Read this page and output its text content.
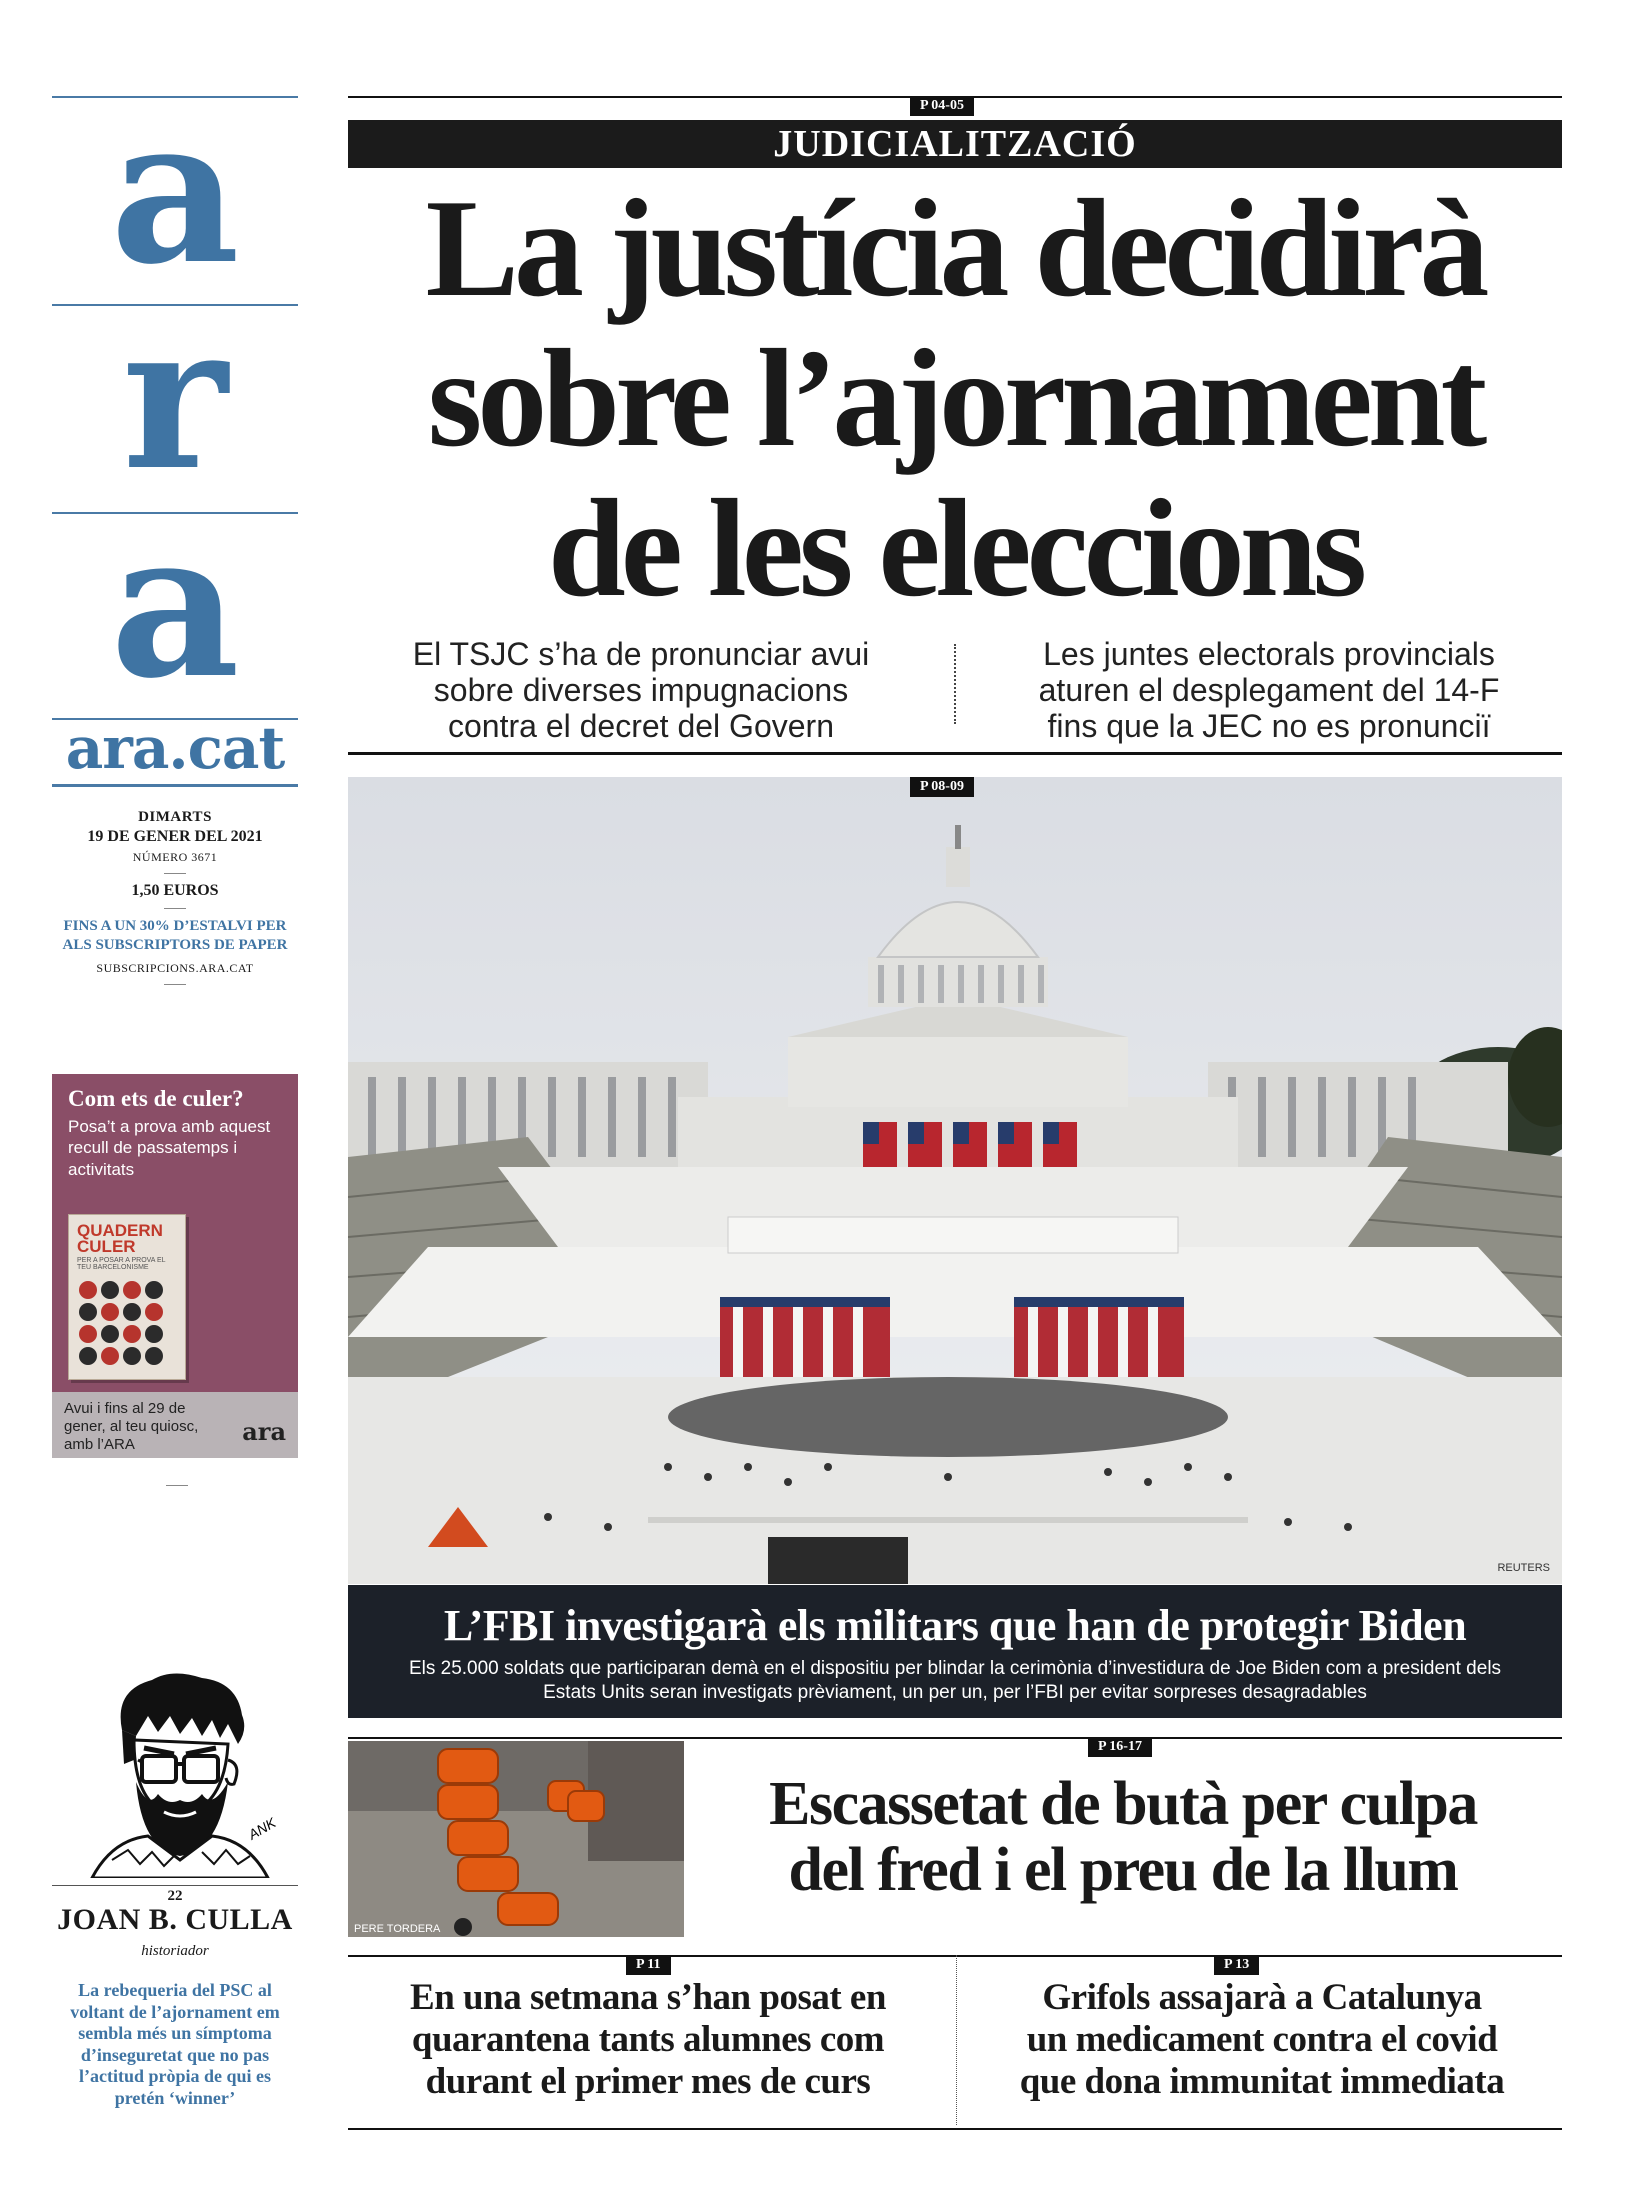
a
r
a
ara.cat
DIMARTS
19 DE GENER DEL 2021
NÚMERO 3671
1,50 EUROS
FINS A UN 30% D’ESTALVI PER ALS SUBSCRIPTORS DE PAPER
SUBSCRIPCIONS.ARA.CAT
Com ets de culer?
Posa’t a prova amb aquest recull de passatemps i activitats
QUADERN CULER
PER A POSAR A PROVA EL TEU BARCELONISME
Avui i fins al 29 de gener, al teu quiosc, amb l’ARA	ara
ANK
22
JOAN B. CULLA
historiador
La rebequeria del PSC al voltant de l’ajornament em sembla més un símptoma d’inseguretat que no pas l’actitud pròpia de qui es pretén ‘winner’
P 04-05
JUDICIALITZACIÓ
La justícia decidirà
sobre l’ajornament
de les eleccions
El TSJC s’ha de pronunciar avui
sobre diverses impugnacions
contra el decret del Govern
Les juntes electorals provincials
aturen el desplegament del 14-F
fins que la JEC no es pronunciï
P 08-09
REUTERS
L’FBI investigarà els militars que han de protegir Biden
Els 25.000 soldats que participaran demà en el dispositiu per blindar la cerimònia d’investidura de Joe Biden com a president dels Estats Units seran investigats prèviament, un per un, per l’FBI per evitar sorpreses desagradables
P 16-17
PERE TORDERA
Escassetat de butà per culpa
del fred i el preu de la llum
P 11	P 13
En una setmana s’han posat en
quarantena tants alumnes com
durant el primer mes de curs
Grifols assajarà a Catalunya
un medicament contra el covid
que dona immunitat immediata
